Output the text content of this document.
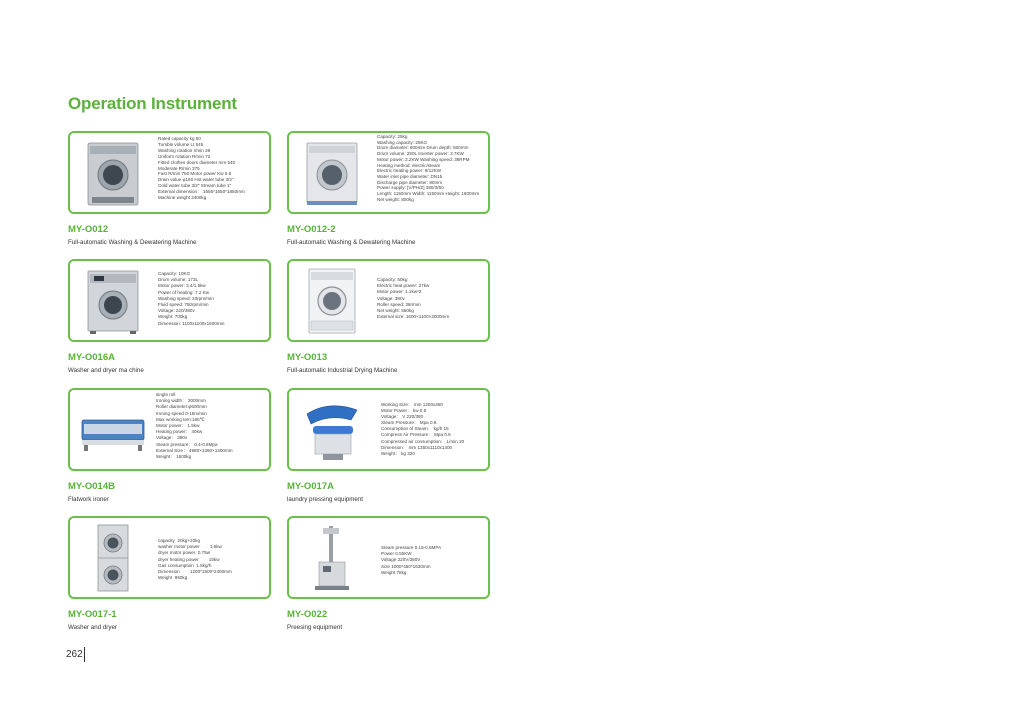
Operation Instrument
Rated capacity kg 50
Tumble volume Lt 545
Washing rotation r/min 39
Uniform rotation R/min 72
Fitted clothes doors diameter mm 540
Moderate R/min 375
Fast R/min 750 Motor power Kw 5.5
Drain value φ160 Hot water tube 3/2"
Cold water tube 3/2" Stream tube 1"
External dimension： 1655*1650*1850mm
Machine weight 2400kg
MY-O012
Full-automatic Washing & Dewatering Machine
Capacity: 25kg
Washing capacity: 25KG
Drum diameter: 800mm Drum depth: 500mm
Drum volume: 250L Inverter power: 3.7KW
Motor power: 2.2KW Washing speed: 36RPM
Heating method: electric/steam
Electric heating power: 9/12KW
Water inlet pipe diameter: DN15
Discharge pipe diameter: 80mm
Power supply: [V/PH/Z] 380/3/50
Length: 1150mm Width: 1150mm Height: 1600mm
Net weight: 800kg
MY-O012-2
Full-automatic Washing & Dewatering Machine
Capacity: 10KG
Drum volume: 173L
Motor power: 3.4/1.5kw
Power of heating: 7.2 Kw
Washing speed: 33rpm/min
Fluid speed: 750rpm/min
Voltage: 220/380v
Weight: 700kg
Dimension: 1100x1100x1600mm
MY-O016A
Washer and dryer ma chine
Capacity: 50kg
Electric heat power: 27kw
Motor power: 1.1kw*2
Voltage: 380v
Roller speed: 36r/min
Net weight: 550kg
External size: 1600×1100×2000mm
MY-O013
Full-automatic Industrial Drying Machine
single roll
Ironing width： 3000mm
Roller diameter:φ600mm
Ironing speed 0-15m/min
Max working tem:185℃
Motor power： 1.5kw
Heating power： 40kw
Voltage： 380v
Steam pressure： 0.4-0.8Mpa
External Size： 4980×1360×1300mm
Weight： 1500kg
MY-O014B
Flatwork ironer
Working Size： mm 1200x350
Motor Power： kw 0.6
Voltage： V 220/380
Steam Pressure： Mpa 0.6
Consumption of Steam： kg/h 15
Compress Air Pressure： Mpa 0.6
Compressed air consumption： L/min 20
Dimension： mm 1350x1110x1400
Weight： kg 320
MY-O017A
laundry pressing equipment
capacity  20kg+20kg
washer motor power        1.5kw
dryer motor power  0.75w
dryer heating power        15kw
Gas consumption  1.5kg/h
Dimension        1200*1500*2400mm
Weight  950kg
MY-O017-1
Washer and dryer
Steam pressure 0.15-0.5MPA
Power 0.55KW
Voltage 220V/380V
Size 1000*450*1630mm
Weight 78kg
MY-O022
Preesing equipment
262
